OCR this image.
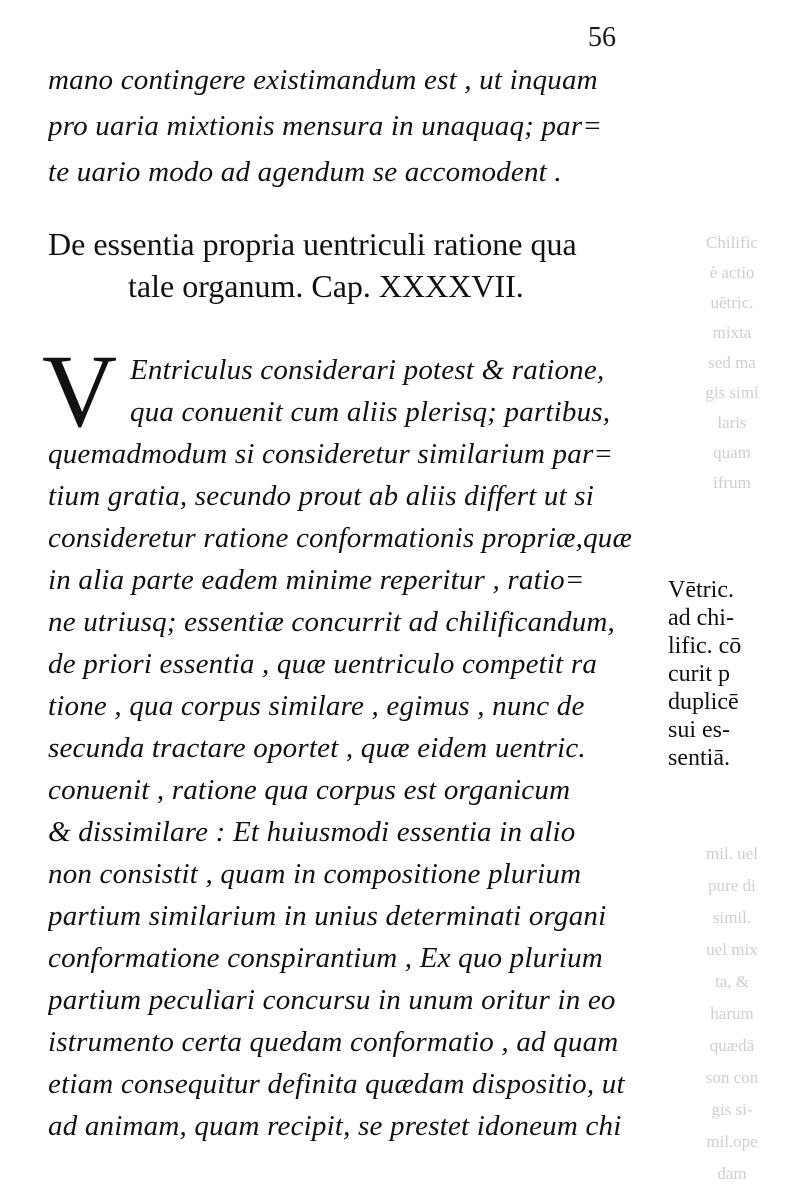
Chilific
è actio
uētric.
mixta
sed ma
gis simi
laris
quam
ifrum
mil. uel
pure di
simil.
uel mix
ta, &
harum
quædā
son con
gis si-
mil.ope
dam
56
mano contingere existimandum est , ut inquam
pro uaria mixtionis mensura in unaquaq; par=
te uario modo ad agendum se accomodent .
De essentia propria uentriculi ratione qua
tale organum. Cap. XXXXVII.
V Entriculus considerari potest & ratione,
qua conuenit cum aliis plerisq; partibus,
quemadmodum si consideretur similarium par=
tium gratia, secundo prout ab aliis differt ut si
consideretur ratione conformationis propriæ,quæ
in alia parte eadem minime reperitur , ratio=
ne utriusq; essentiæ concurrit ad chilificandum,
de priori essentia , quæ uentriculo competit ra
tione , qua corpus similare , egimus , nunc de
secunda tractare oportet , quæ eidem uentric.
conuenit , ratione qua corpus est organicum
& dissimilare : Et huiusmodi essentia in alio
non consistit , quam in compositione plurium
partium similarium in unius determinati organi
conformatione conspirantium , Ex quo plurium
partium peculiari concursu in unum oritur in eo
istrumento certa quedam conformatio , ad quam
etiam consequitur definita quædam dispositio, ut
ad animam, quam recipit, se prestet idoneum chi
Vētric.
ad chi-
lific. cō
curit p
duplicē
sui es-
sentiā.
